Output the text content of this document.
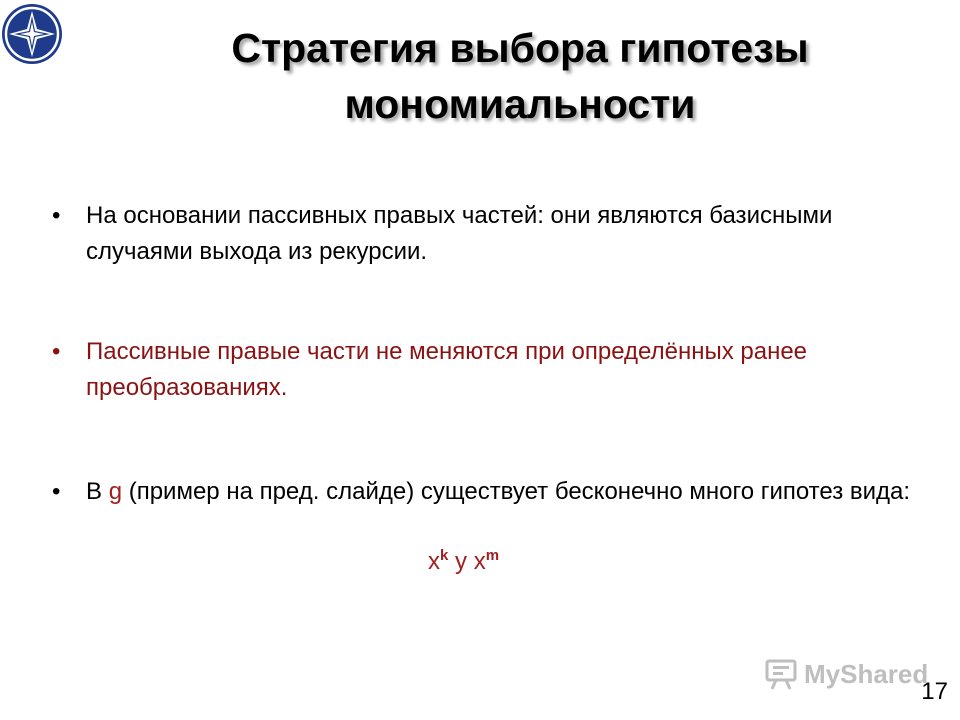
Стратегия выбора гипотезы
мономиальности
•	На основании пассивных правых частей: они являются базисными случаями выхода из рекурсии.
•	Пассивные правые части не меняются при определённых ранее преобразованиях.
•	В g (пример на пред. слайде) существует бесконечно много гипотез вида:
$x^k$ y $x^m$
MyShared
17
